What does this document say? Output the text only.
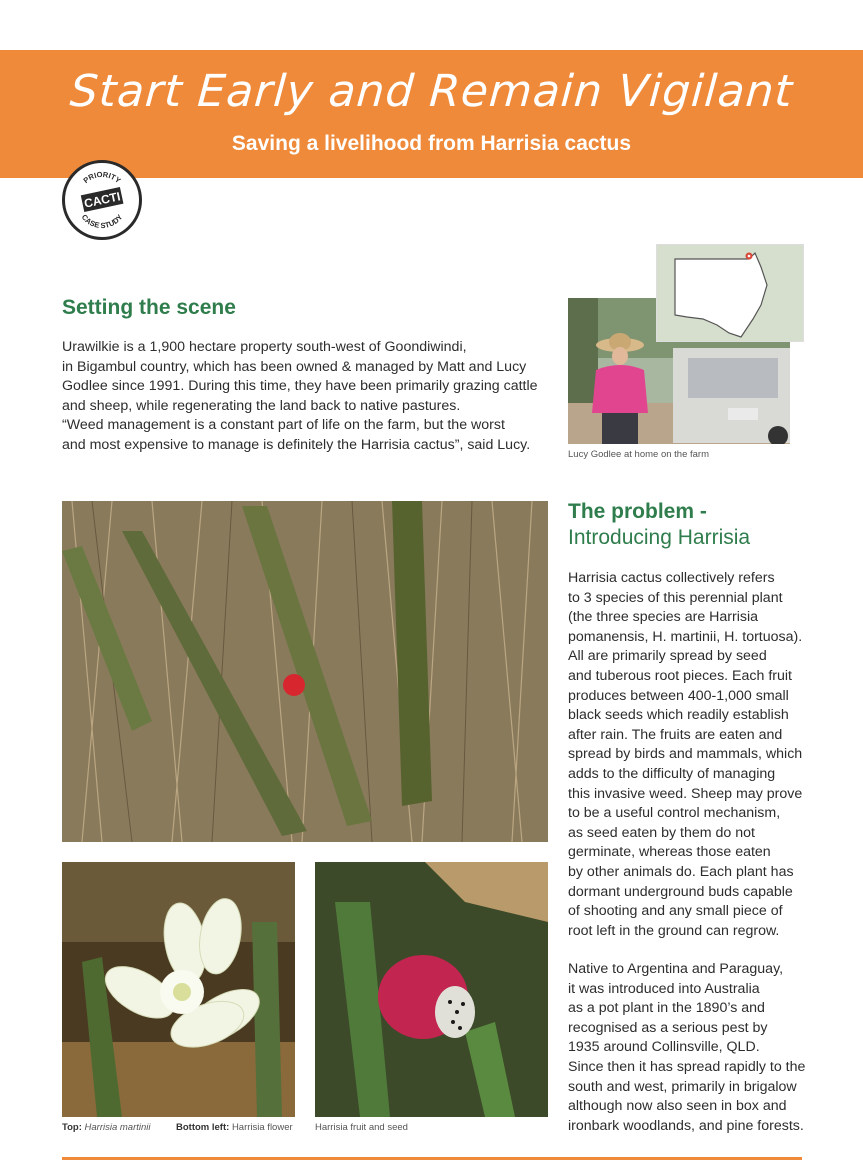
Start Early and Remain Vigilant
Saving a livelihood from Harrisia cactus
PRIORITY
CACTI
CASE STUDY
Setting the scene
Urawilkie is a 1,900 hectare property south-west of Goondiwindi,
in Bigambul country, which has been owned & managed by Matt and Lucy
Godlee since 1991. During this time, they have been primarily grazing cattle
and sheep, while regenerating the land back to native pastures.
“Weed management is a constant part of life on the farm, but the worst
and most expensive to manage is definitely the Harrisia cactus”, said Lucy.
Lucy Godlee at home on the farm
Top: Harrisia martinii	Bottom left: Harrisia flower Harrisia fruit and seed
The problem -
Introducing Harrisia
Harrisia cactus collectively refers
to 3 species of this perennial plant
(the three species are Harrisia
pomanensis, H. martinii, H. tortuosa).
All are primarily spread by seed
and tuberous root pieces. Each fruit
produces between 400-1,000 small
black seeds which readily establish
after rain. The fruits are eaten and
spread by birds and mammals, which
adds to the difficulty of managing
this invasive weed. Sheep may prove
to be a useful control mechanism,
as seed eaten by them do not
germinate, whereas those eaten
by other animals do. Each plant has
dormant underground buds capable
of shooting and any small piece of
root left in the ground can regrow.
Native to Argentina and Paraguay,
it was introduced into Australia
as a pot plant in the 1890’s and
recognised as a serious pest by
1935 around Collinsville, QLD.
Since then it has spread rapidly to the
south and west, primarily in brigalow
although now also seen in box and
ironbark woodlands, and pine forests.
